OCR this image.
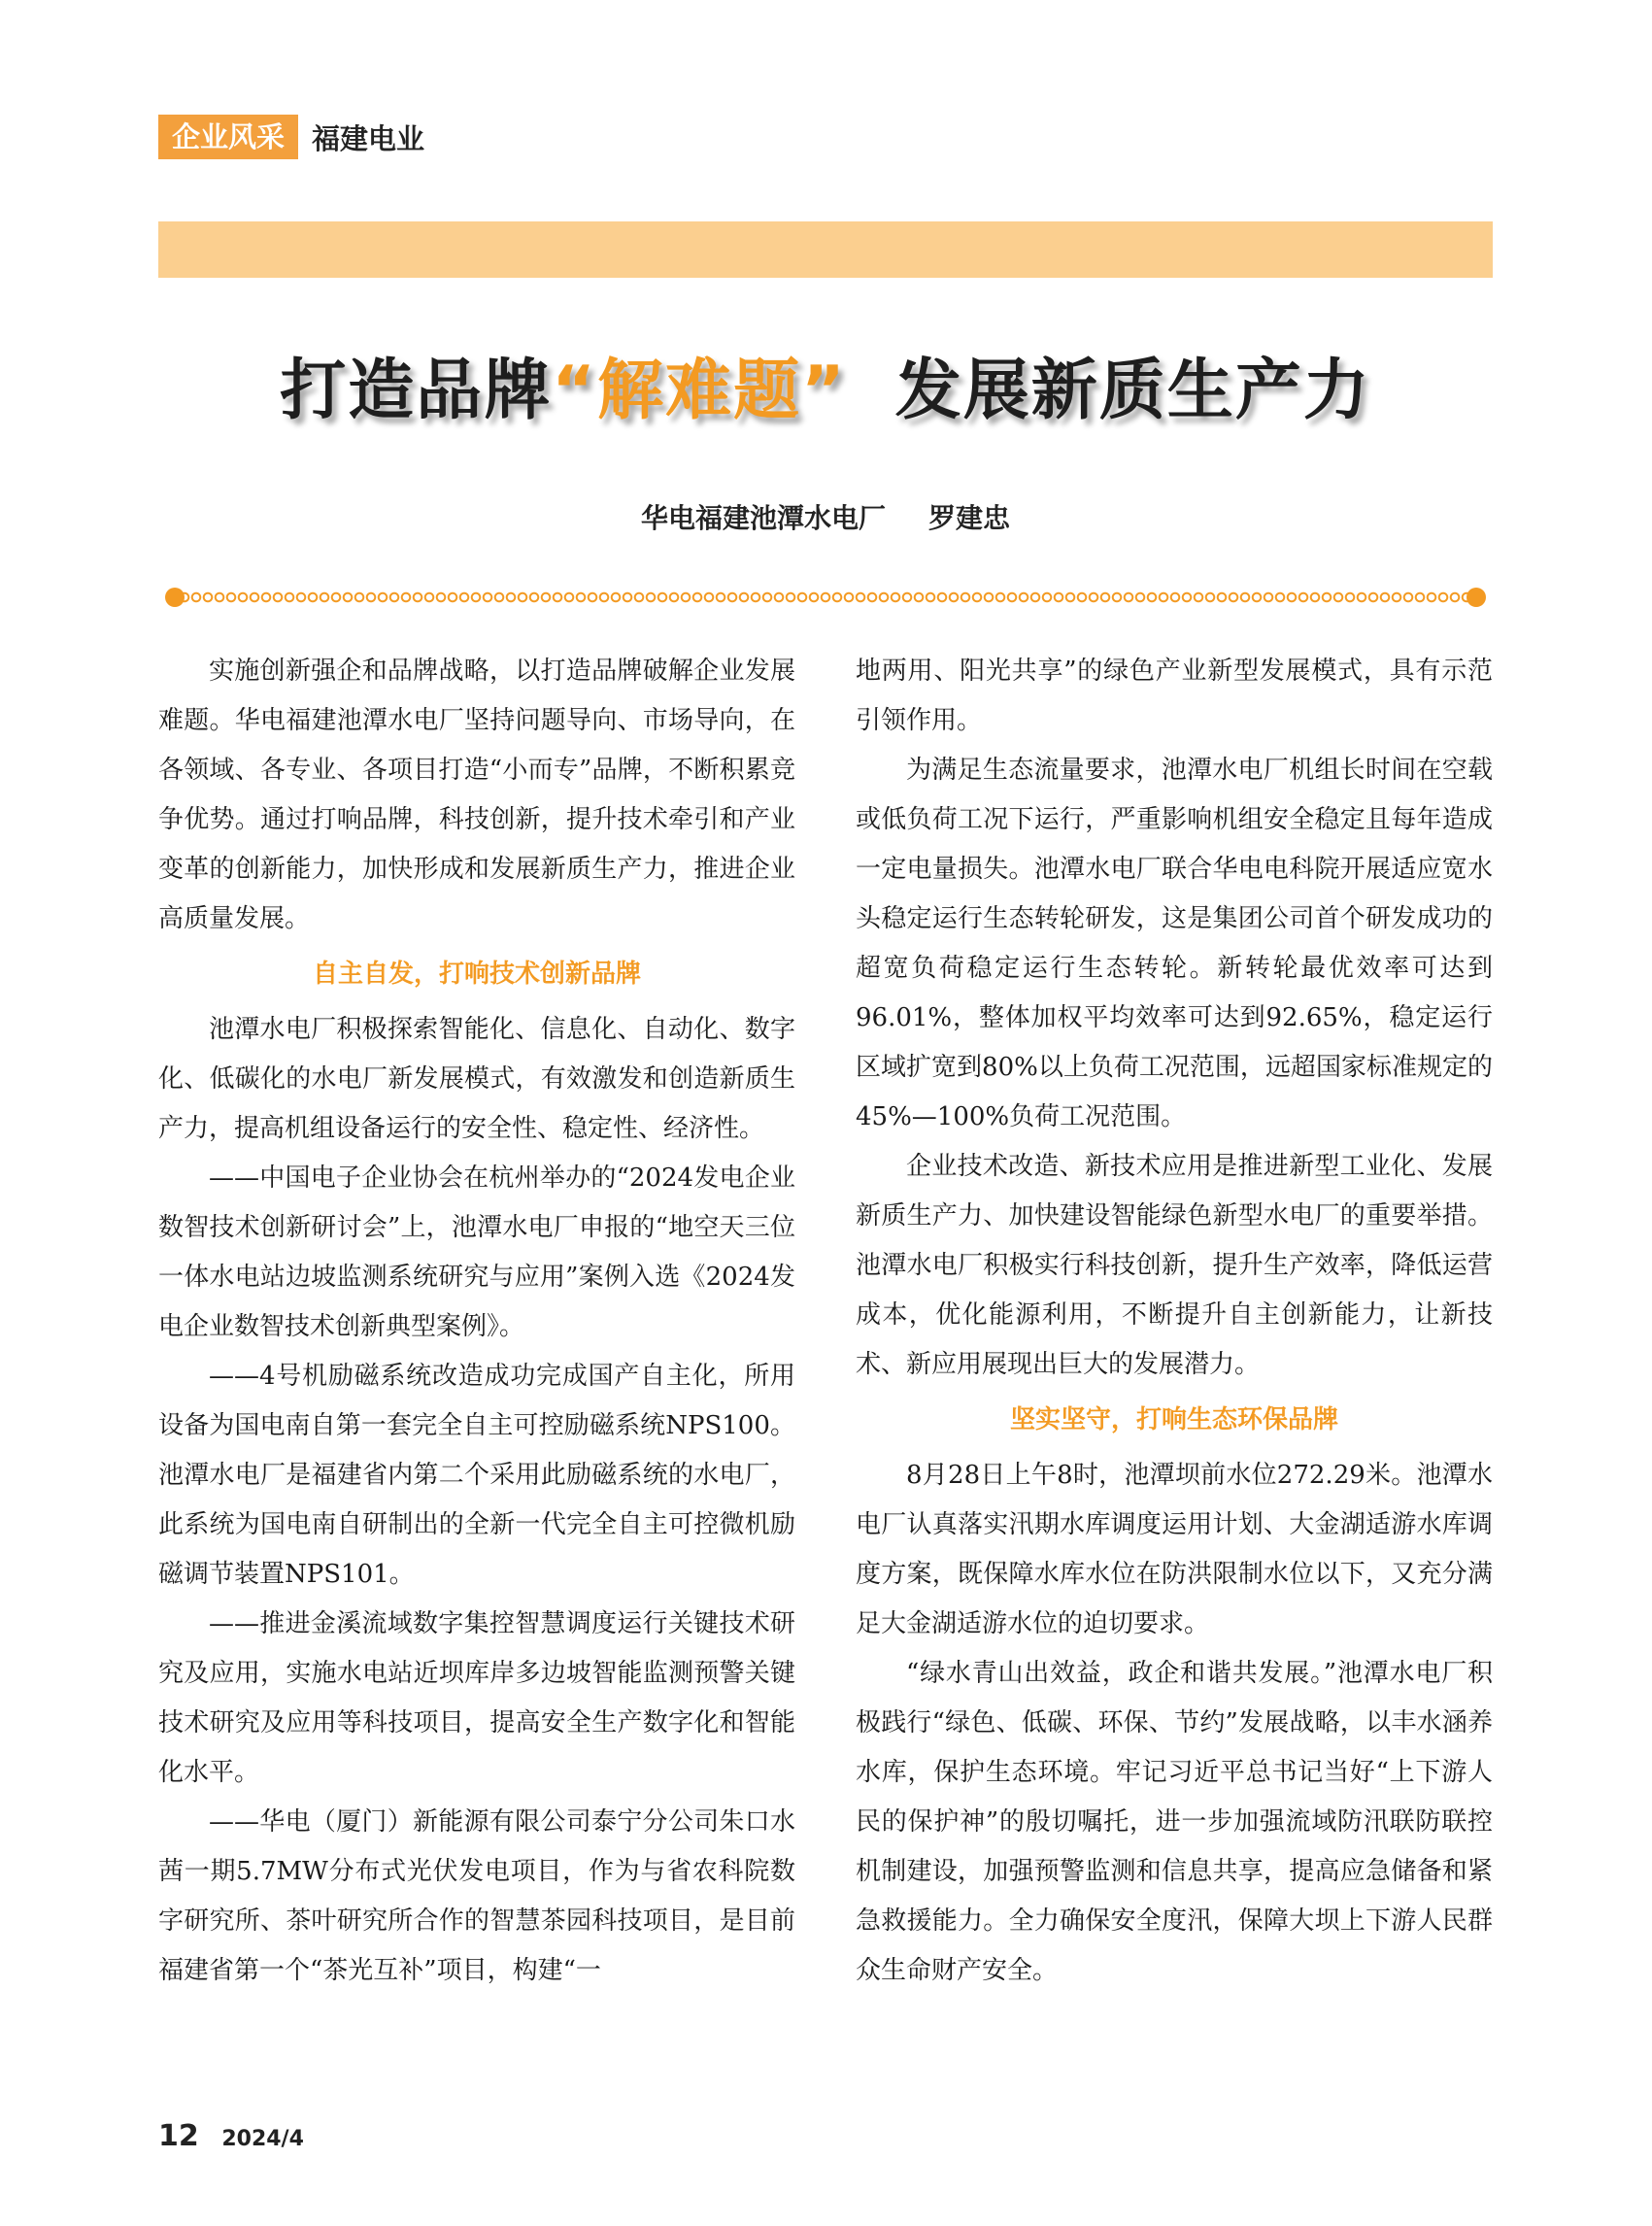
企业风采 福建电业
打造品牌“解难题” 发展新质生产力
华电福建池潭水电厂 罗建忠

实施创新强企和品牌战略，以打造品牌破解企业发展难题。华电福建池潭水电厂坚持问题导向、市场导向，在各领域、各专业、各项目打造“小而专”品牌，不断积累竞争优势。通过打响品牌，科技创新，提升技术牵引和产业变革的创新能力，加快形成和发展新质生产力，推进企业高质量发展。

自主自发，打响技术创新品牌

池潭水电厂积极探索智能化、信息化、自动化、数字化、低碳化的水电厂新发展模式，有效激发和创造新质生产力，提高机组设备运行的安全性、稳定性、经济性。

——中国电子企业协会在杭州举办的“2024发电企业数智技术创新研讨会”上，池潭水电厂申报的“地空天三位一体水电站边坡监测系统研究与应用”案例入选《2024发电企业数智技术创新典型案例》。

——4号机励磁系统改造成功完成国产自主化，所用设备为国电南自第一套完全自主可控励磁系统NPS100。池潭水电厂是福建省内第二个采用此励磁系统的水电厂，此系统为国电南自研制出的全新一代完全自主可控微机励磁调节装置NPS101。

——推进金溪流域数字集控智慧调度运行关键技术研究及应用，实施水电站近坝库岸多边坡智能监测预警关键技术研究及应用等科技项目，提高安全生产数字化和智能化水平。

——华电（厦门）新能源有限公司泰宁分公司朱口水茜一期5.7MW分布式光伏发电项目，作为与省农科院数字研究所、茶叶研究所合作的智慧茶园科技项目，是目前福建省第一个“茶光互补”项目，构建“一

地两用、阳光共享”的绿色产业新型发展模式，具有示范引领作用。

为满足生态流量要求，池潭水电厂机组长时间在空载或低负荷工况下运行，严重影响机组安全稳定且每年造成一定电量损失。池潭水电厂联合华电电科院开展适应宽水头稳定运行生态转轮研发，这是集团公司首个研发成功的超宽负荷稳定运行生态转轮。新转轮最优效率可达到96.01%，整体加权平均效率可达到92.65%，稳定运行区域扩宽到80%以上负荷工况范围，远超国家标准规定的45%—100%负荷工况范围。

企业技术改造、新技术应用是推进新型工业化、发展新质生产力、加快建设智能绿色新型水电厂的重要举措。池潭水电厂积极实行科技创新，提升生产效率，降低运营成本，优化能源利用，不断提升自主创新能力，让新技术、新应用展现出巨大的发展潜力。

坚实坚守，打响生态环保品牌

8月28日上午8时，池潭坝前水位272.29米。池潭水电厂认真落实汛期水库调度运用计划、大金湖适游水库调度方案，既保障水库水位在防洪限制水位以下，又充分满足大金湖适游水位的迫切要求。

“绿水青山出效益，政企和谐共发展。”池潭水电厂积极践行“绿色、低碳、环保、节约”发展战略，以丰水涵养水库，保护生态环境。牢记习近平总书记当好“上下游人民的保护神”的殷切嘱托，进一步加强流域防汛联防联控机制建设，加强预警监测和信息共享，提高应急储备和紧急救援能力。全力确保安全度汛，保障大坝上下游人民群众生命财产安全。

12 2024/4
